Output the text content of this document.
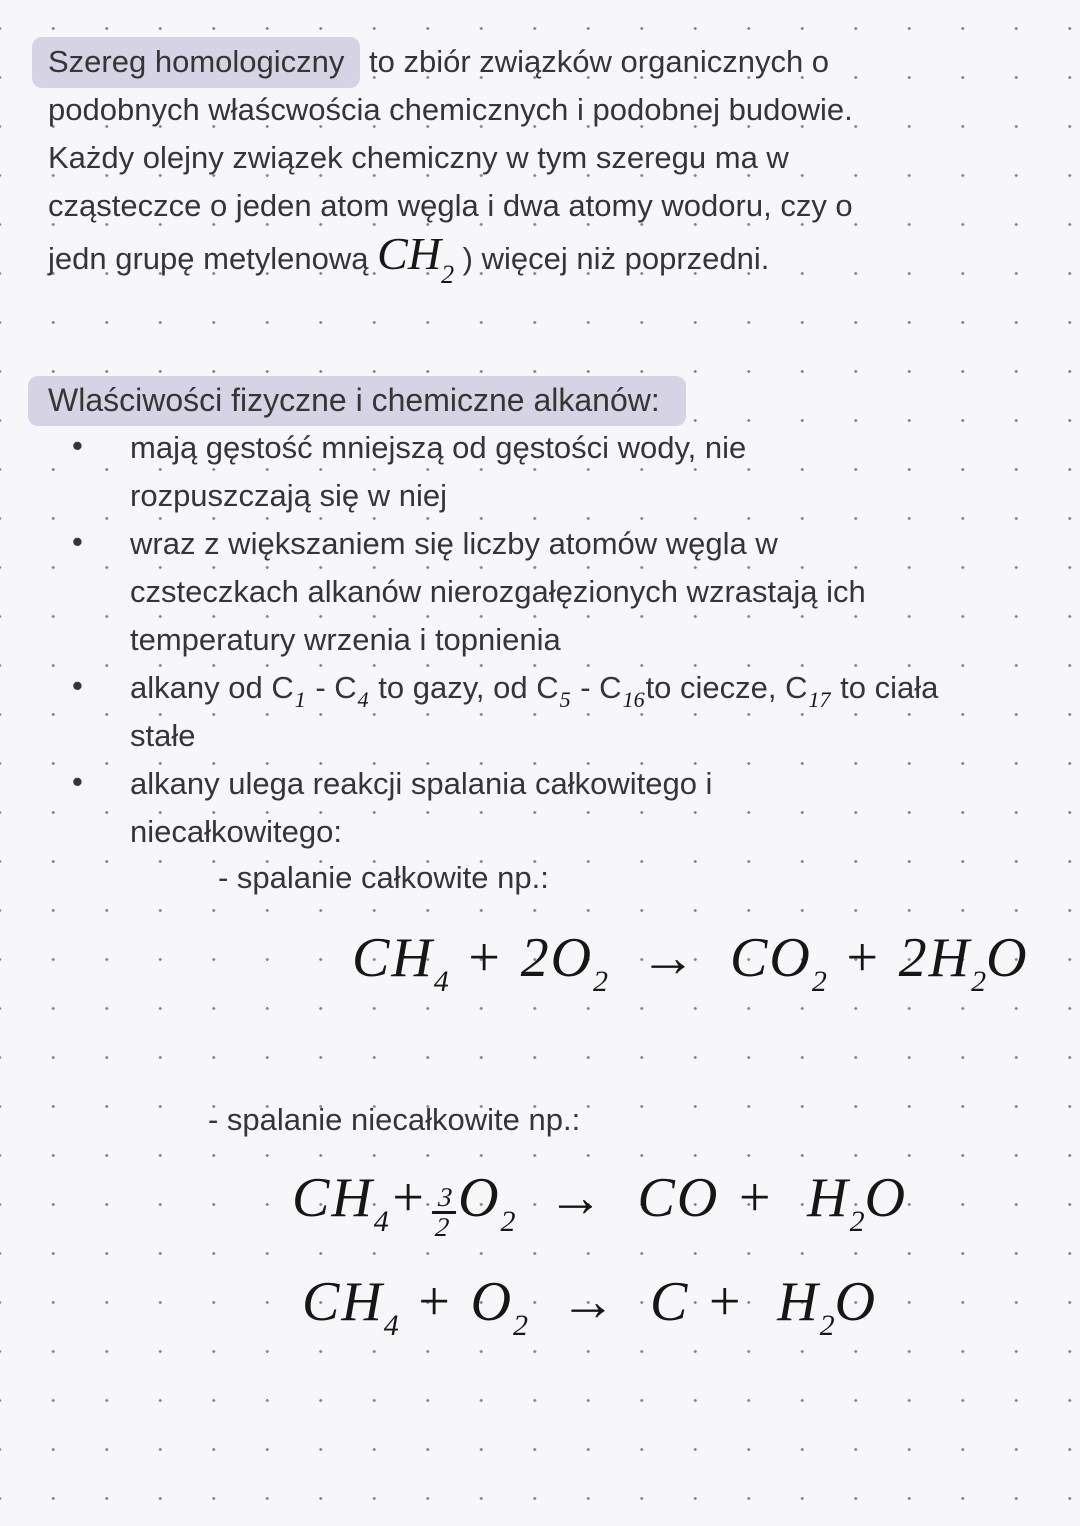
Szereg homologiczny to zbiór związków organicznych o
podobnych właścwościa chemicznych i podobnej budowie.
Każdy olejny związek chemiczny w tym szeregu ma w
cząsteczce o jeden atom węgla i dwa atomy wodoru, czy o
jedn grupę metylenową $CH_2$ ) więcej niż poprzedni.
Wlaściwości fizyczne i chemiczne alkanów:
• mają gęstość mniejszą od gęstości wody, nie
rozpuszczają się w niej
• wraz z większaniem się liczby atomów węgla w
czsteczkach alkanów nierozgałęzionych wzrastają ich
temperatury wrzenia i topnienia
• alkany od $C_1 - C_4$ to gazy, od $C_5 - C_{16}to$ ciecze, $C_{17}$ to ciała
stałe
• alkany ulega reakcji spalania całkowitego i
niecałkowitego:
- spalanie całkowite np.:
- spalanie niecałkowite np.:
$CH_4 + 2O_2 \to CO_2 + 2H_2O$
$CH_4+ \frac{3}{2} O_2$  →  CO +  $H_2O$
$CH_4 + O_2 \to C + H_2O$
